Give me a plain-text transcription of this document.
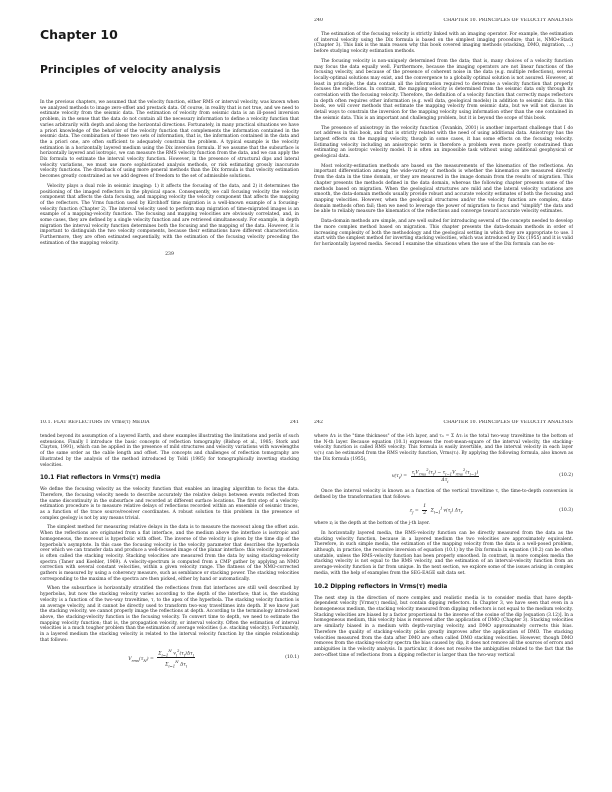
Chapter 10
Principles of velocity analysis

In the previous chapters, we assumed that the velocity function, either RMS or interval velocity, was known when we analyzed methods to image zero-offset and prestack data. Of course, in reality that is not true, and we need to estimate velocity from the seismic data. The estimation of velocity from seismic data is an ill-posed inversion problem, in the sense that the data do not contain all the necessary information to define a velocity function that varies arbitrarily with depth and along the horizontal directions. Fortunately, in many practical situations we have a priori knowledge of the behavior of the velocity function that complements the information contained in the seismic data. The combination of these two sets of information, that is, the information contained in the data and the a priori one, are often sufficient to adequately constrain the problem. A typical example is the velocity estimation in a horizontally layered medium using the Dix inversion formula. If we assume that the subsurface is horizontally layered and isotropic, we can measure the RMS velocity function from the data, and we can apply the Dix formula to estimate the interval velocity function. However, in the presence of structural dips and lateral velocity variations, we must use more sophisticated analysis methods, or risk estimating grossly inaccurate velocity functions. The drawback of using more general methods than the Dix formula is that velocity estimation becomes greatly constrained as we add degrees of freedom to the set of admissible solutions.

Velocity plays a dual role in seismic imaging: 1) it affects the focusing of the data, and 2) it determines the positioning of the imaged reflectors in the physical space. Consequently, we call focusing velocity the velocity component that affects the data focusing, and mapping velocity the velocity component that affects the mapping of the reflectors. The Vrms function used by Kirchhoff time migration is a well-known example of a focusing-velocity function (Chapter 2). The interval velocity used to perform map migration of time-migrated images is an example of a mapping-velocity function. The focusing and mapping velocities are obviously correlated, and, in some cases, they are defined by a single velocity function and are retrieved simultaneously. For example, in depth migration the interval velocity function determines both the focusing and the mapping of the data. However, it is important to distinguish the two velocity components, because their estimations have different characteristics. Furthermore, they are often estimated sequentially, with the estimation of the focusing velocity preceding the estimation of the mapping velocity.

239
240	CHAPTER 10. PRINCIPLES OF VELOCITY ANALYSIS

The estimation of the focusing velocity is strictly linked with an imaging operator. For example, the estimation of interval velocity using the Dix formula is based on the simplest imaging procedure; that is, NMO+Stack (Chapter 3). This link is the main reason why this book covered imaging methods (stacking, DMO, migration, ...) before studying velocity estimation methods.

The focusing velocity is non-uniquely determined from the data; that is, many choices of a velocity function may focus the data equally well. Furthermore, because the imaging operators are not linear functions of the focusing velocity, and because of the presence of coherent noise in the data (e.g. multiple reflections), several locally-optimal solutions may exist, and the convergence to a globally optimal solution is not assured. However, at least in principle, the data contain all the information required to determine a velocity function that properly focuses the reflections. In contrast, the mapping velocity is determined from the seismic data only through its correlation with the focusing velocity. Therefore, the definition of a velocity function that correctly maps reflectors in depth often requires other information (e.g. well data, geological models) in addition to seismic data. In this book, we will cover methods that estimate the mapping velocity from seismic data, but we will not discuss in detail ways to constrain the inversion for the mapping velocity using information other than the one contained in the seismic data. This is an important and challenging problem, but it is beyond the scope of this book.

The presence of anisotropy in the velocity function (Tsvankin, 2001) is another important challenge that I do not address in this book, and that is strictly related with the need of using additional data. Anisotropy has the largest effects on the mapping velocity, though in some cases, it has some effects on the focusing velocity. Estimating velocity including an anisotropic term is therefore a problem even more poorly constrained than estimating an isotropic velocity model. It is often an impossible task without using additional geophysical or geological data.

Most velocity-estimation methods are based on the measurements of the kinematics of the reflections. An important differentiation among the wide-variety of methods is whether the kinematics are measured directly from the data in the time domain, or they are measured in the image domain from the results of migration. This chapter presents the methods defined in the data domain, whereas the following chapter presents some of the methods based on migration. When the geological structures are mild and the lateral velocity variations are smooth, the data-domain methods usually provide robust and accurate velocity estimates of both the focusing and mapping velocities. However, when the geological structures and/or the velocity function are complex, data-domain methods often fail; then we need to leverage the power of migration to focus and "simplify" the data and be able to reliably measure the kinematics of the reflections and converge toward accurate velocity estimates.

Data-domain methods are simple, and are well suited for introducing several of the concepts needed to develop the more complex method based on migration. This chapter presents the data-domain methods in order of increasing complexity of both the methodology and the geological setting in which they are appropriate to use. I start with the simplest method for inverting stacking velocities, which was introduced by Dix (1955) and it is valid for horizontally layered media. Second I examine the situations when the use of the Dix formula can be ex-

10.1. FLAT REFLECTORS IN Vrms(τ) MEDIA	241

tended beyond its assumption of a layered Earth, and show examples illustrating the limitations and perils of such extensions. Finally I introduce the basic concepts of reflection tomography (Bishop et al., 1985; Stork and Clayton, 1991), which can be applied in the presence of mild structures and velocity variations with wavelengths of the same order as the cable length and offset. The concepts and challenges of reflection tomography are illustrated by the analysis of the method introduced by Toldi (1985) for tomographically inverting stacking velocities.

10.1 Flat reflectors in Vrms(τ) media

We define the focusing velocity as the velocity function that enables an imaging algorithm to focus the data. Therefore, the focusing velocity needs to describe accurately the relative delays between events reflected from the same discontinuity in the subsurface and recorded at different surface locations. The first step of a velocity-estimation procedure is to measure relative delays of reflections recorded within an ensemble of seismic traces, as a function of the trace source/receiver coordinates. A robust solution to this problem in the presence of complex geology is not by any means trivial.

The simplest method for measuring relative delays in the data is to measure the moveout along the offset axis. When the reflections are originated from a flat interface, and the medium above the interface is isotropic and homogeneous, the moveout is hyperbolic with offset. The inverse of the velocity is given by the time dip of the hyperbola's asymptote. In this case the focusing velocity is the velocity parameter that describes the hyperbola over which we can transfer data and produce a well-focused image of the planar interface: this velocity parameter is often called the stacking velocity. Stacking velocities are measured from the data by using stacking-velocity spectra (Taner and Koehler, 1969). A velocity-spectrum is computed from a CMP gather by applying an NMO correction with several constant velocities, within a given velocity range. The flatness of the NMO-corrected gathers is measured by using a coherency measure, such as semblance or stacking power. The stacking velocities corresponding to the maxima of the spectra are then picked, either by hand or automatically.

When the subsurface is horizontally stratified the reflections from flat interfaces are still well described by hyperbolas, but now the stacking velocity varies according to the depth of the interface; that is, the stacking velocity is a function of the two-way traveltime, τ, to the apex of the hyperbola. The stacking velocity function is an average velocity, and it cannot be directly used to transform two-way traveltimes into depth. If we know just the stacking velocity, we cannot properly image the reflections at depth. According to the terminology introduced above, the stacking-velocity function is the focusing velocity. To convert time to depth, we need to estimate the mapping velocity function; that is, the propagation velocity, or interval velocity. Often the estimation of interval velocities is a much tougher problem than the estimation of average velocities (i.e. stacking velocity). Fortunately, in a layered medium the stacking velocity is related to the interval velocity function by the simple relationship that follows:

$V_{rms}(\tau_N) = \frac{\Sigma_{i=1}^N v_i^2(\tau_i)\Delta\tau_i}{\Sigma_{i=1}^N \Delta\tau_i}$	(10.1)
242	CHAPTER 10. PRINCIPLES OF VELOCITY ANALYSIS

where Δτᵢ is the "time thickness" of the i-th layer, and τₙ = Σ Δτᵢ is the total two-way traveltime to the bottom of the N-th layer. Because equation (10.1) expresses the root-mean-square of the interval velocity, the stacking-velocity function is called RMS velocity. This formula is easily invertible, and the interval velocity in each layer vᵢ(τᵢ) can be estimated from the RMS velocity function, Vrms(τᵢ). By applying the following formula, also known as the Dix formula (1955),

$v(\tau_i) = \frac{\tau_iV_{rms}^2(\tau_i) - \tau_{i-1}V_{rms}^2(\tau_{i-1})}{\Delta\tau_i}$	(10.2)

Once the interval velocity is known as a function of the vertical traveltime τ, the time-to-depth conversion is defined by the transformation that follows:

$z_j = \frac{1}{2} \Sigma_{i=1}^j$ $v(\tau_i)$ $\Delta\tau_i$,	(10.3)

where zⱼ is the depth at the bottom of the j-th layer.

In horizontally layered media, the RMS-velocity function can be directly measured from the data as the stacking velocity function, because in a layered medium the two velocities are approximately equivalent. Therefore, in such simple media, the estimation of the mapping velocity from the data is a well-posed problem, although, in practice, the recursive inversion of equation (10.1) by the Dix formula in equation (10.2) can be often unstable, unless the RMS-velocity function has been properly smoothed. In contrast, in more complex media the stacking velocity is not equal to the RMS velocity, and the estimation of an interval-velocity function from an average-velocity function is far from unique. In the next section, we explore some of the issues arising in complex media, with the help of examples from the SEG-EAGE salt data set.

10.2 Dipping reflectors in Vrms(τ) media

The next step in the direction of more complex and realistic media is to consider media that have depth-dependent velocity [Vrms(τ) media], but contain dipping reflectors. In Chapter 3, we have seen that even in a homogeneous medium, the stacking velocity measured from dipping reflectors is not equal to the medium velocity. Stacking velocities are biased by a factor proportional to the inverse of the cosine of the dip [equation (3.12)]. In a homogeneous medium, this velocity bias is removed after the application of DMO (Chapter 3). Stacking velocities are similarly biased in a medium with depth-varying velocity, and DMO approximately corrects this bias. Therefore the quality of stacking-velocity picks greatly improves after the application of DMO. The stacking velocities measured from the data after DMO are often called DMO stacking velocities. However, though DMO removes from the stacking-velocity spectra the bias caused by dip, it does not remove all the sources of errors and ambiguities in the velocity analysis. In particular, it does not resolve the ambiguities related to the fact that the zero-offset time of reflections from a dipping reflector is larger than the two-way vertical
